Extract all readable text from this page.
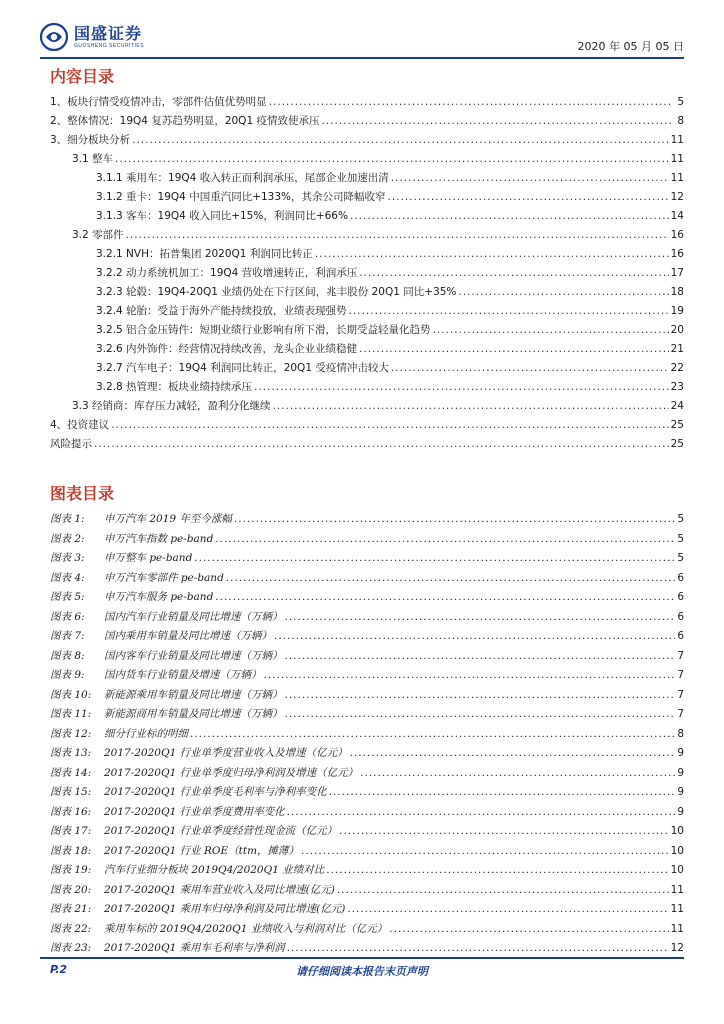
国盛证券
GUOSHENG SECURITIES	2020 年 05 月 05 日
内容目录
1、板块行情受疫情冲击，零部件估值优势明显 .....	5
2、整体情况：19Q4 复苏趋势明显，20Q1 疫情致使承压 .....	8
3、细分板块分析 .....	11
3.1 整车 .....	11
3.1.1 乘用车：19Q4 收入转正而利润承压，尾部企业加速出清 .....	11
3.1.2 重卡：19Q4 中国重汽同比+133%，其余公司降幅收窄 .....	12
3.1.3 客车：19Q4 收入同比+15%，利润同比+66% .....	14
3.2 零部件 .....	16
3.2.1 NVH：拓普集团 2020Q1 利润同比转正 .....	16
3.2.2 动力系统机加工：19Q4 营收增速转正，利润承压 .....	17
3.2.3 轮毂：19Q4-20Q1 业绩仍处在下行区间，兆丰股份 20Q1 同比+35% .....	18
3.2.4 轮胎：受益于海外产能持续投放，业绩表现强势 .....	19
3.2.5 铝合金压铸件：短期业绩行业影响有所下滑，长期受益轻量化趋势 .....	20
3.2.6 内外饰件：经营情况持续改善，龙头企业业绩稳健 .....	21
3.2.7 汽车电子：19Q4 利润同比转正，20Q1 受疫情冲击较大 .....	22
3.2.8 热管理：板块业绩持续承压 .....	23
3.3 经销商：库存压力减轻，盈利分化继续 .....	24
4、投资建议 .....	25
风险提示 .....	25
图表目录
图表 1:	申万汽车 2019 年至今涨幅 .....	5
图表 2:	申万汽车指数 pe-band .....	5
图表 3:	申万整车 pe-band .....	5
图表 4:	申万汽车零部件 pe-band .....	6
图表 5:	申万汽车服务 pe-band .....	6
图表 6:	国内汽车行业销量及同比增速（万辆） .....	6
图表 7:	国内乘用车销量及同比增速（万辆） .....	6
图表 8:	国内客车行业销量及同比增速（万辆） .....	7
图表 9:	国内货车行业销量及增速（万辆） .....	7
图表 10:	新能源乘用车销量及同比增速（万辆） .....	7
图表 11:	新能源商用车销量及同比增速（万辆） .....	7
图表 12:	细分行业标的明细 .....	8
图表 13:	2017-2020Q1 行业单季度营业收入及增速（亿元） .....	9
图表 14:	2017-2020Q1 行业单季度归母净利润及增速（亿元） .....	9
图表 15:	2017-2020Q1 行业单季度毛利率与净利率变化 .....	9
图表 16:	2017-2020Q1 行业单季度费用率变化 .....	9
图表 17:	2017-2020Q1 行业单季度经营性现金流（亿元） .....	10
图表 18:	2017-2020Q1 行业 ROE（ttm，摊薄） .....	10
图表 19:	汽车行业细分板块 2019Q4/2020Q1 业绩对比 .....	10
图表 20:	2017-2020Q1 乘用车营业收入及同比增速(亿元) .....	11
图表 21:	2017-2020Q1 乘用车归母净利润及同比增速(亿元) .....	11
图表 22:	乘用车标的 2019Q4/2020Q1 业绩收入与利润对比（亿元） .....	11
图表 23:	2017-2020Q1 乘用车毛利率与净利润 .....	12
P.2	请仔细阅读本报告末页声明
